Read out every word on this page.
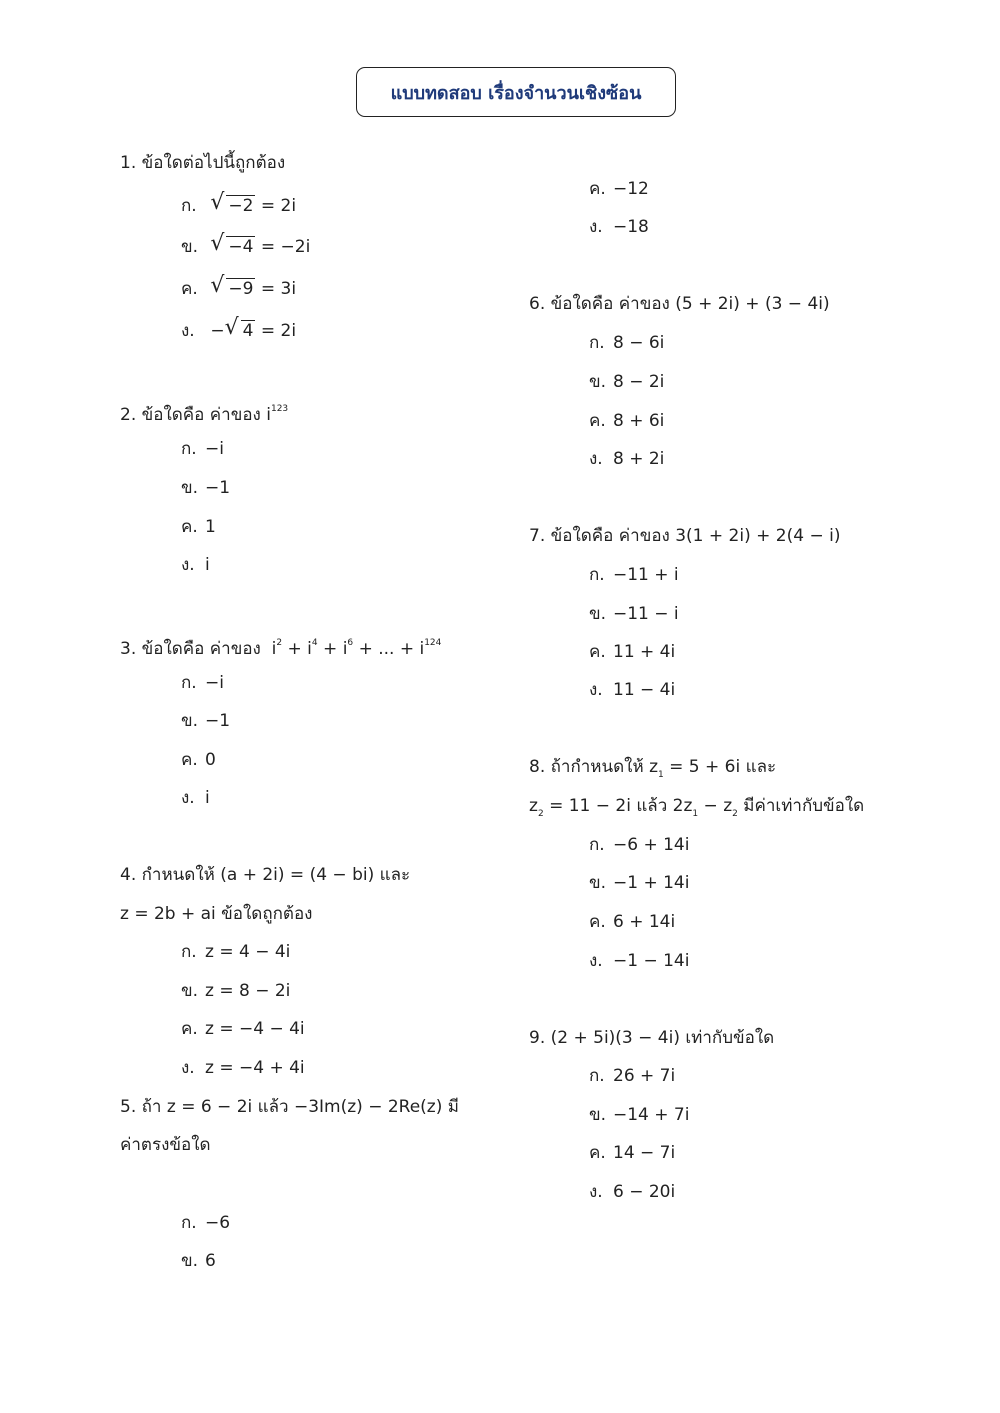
แบบทดสอบ เรื่องจำนวนเชิงซ้อน
1. ข้อใดต่อไปนี้ถูกต้อง
ก. √ −2 = 2i
ข. √ −4 = −2i
ค. √ −9 = 3i
ง. − √ 4 = 2i
2. ข้อใดคือ ค่าของ $i^{123}$
ก. −i
ข. −1
ค. 1
ง. i
3. ข้อใดคือ ค่าของ $i^2 + i^4 + i^6$ + ... + $i^{124}$
ก. −i
ข. −1
ค. 0
ง. i
4. กำหนดให้ (a + 2i) = (4 − bi) และ
z = 2b + ai ข้อใดถูกต้อง
ก. z = 4 − 4i
ข. z = 8 − 2i
ค. z = −4 − 4i
ง. z = −4 + 4i
5. ถ้า z = 6 − 2i แล้ว −3Im(z) − 2Re(z) มี
ค่าตรงข้อใด
ก. −6
ข. 6
ค. −12
ง. −18
6. ข้อใดคือ ค่าของ (5 + 2i) + (3 − 4i)
ก. 8 − 6i
ข. 8 − 2i
ค. 8 + 6i
ง. 8 + 2i
7. ข้อใดคือ ค่าของ 3(1 + 2i) + 2(4 − i)
ก. −11 + i
ข. −11 − i
ค. 11 + 4i
ง. 11 − 4i
8. ถ้ากำหนดให้ $z_1 = 5 + 6i$ และ
$z_2 = 11 - 2i$ แล้ว $2z_1 - z_2$ มีค่าเท่ากับข้อใด
ก. −6 + 14i
ข. −1 + 14i
ค. 6 + 14i
ง. −1 − 14i
9. (2 + 5i)(3 − 4i) เท่ากับข้อใด
ก. 26 + 7i
ข. −14 + 7i
ค. 14 − 7i
ง. 6 − 20i
